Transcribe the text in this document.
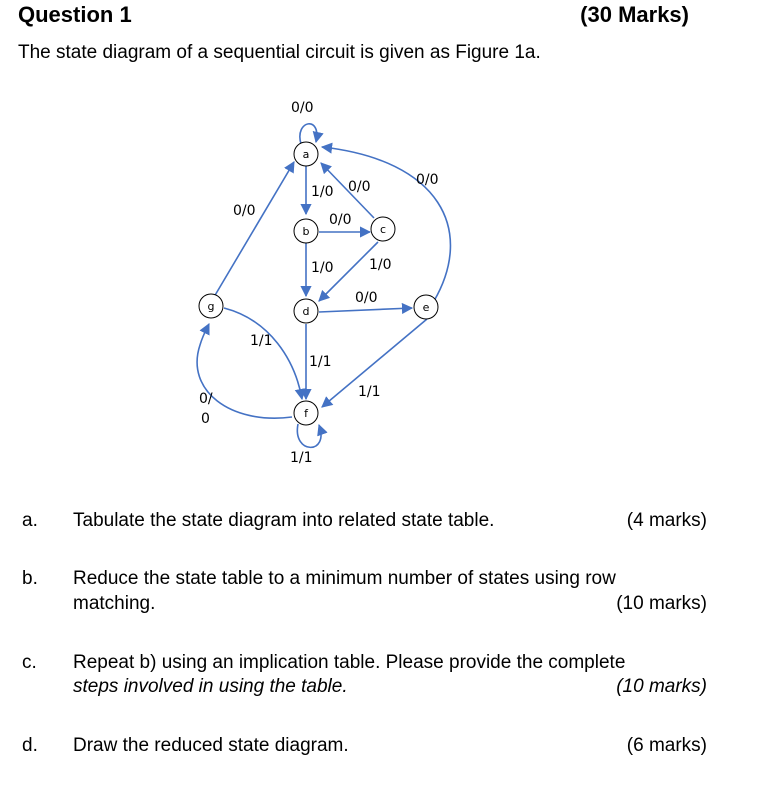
Question 1	(30 Marks)
The state diagram of a sequential circuit is given as Figure 1a.
a
b	c
d	e
f
g
0/0
1/0 0/0	0/0
0/0
0/0
1/0	1/0
0/0
1/1
1/1
1/1
0/
0
1/1
a. Tabulate the state diagram into related state table.	(4 marks)
b. Reduce the state table to a minimum number of states using row
matching.	(10 marks)
c. Repeat b) using an implication table. Please provide the complete
steps involved in using the table.	(10 marks)
d. Draw the reduced state diagram.	(6 marks)
